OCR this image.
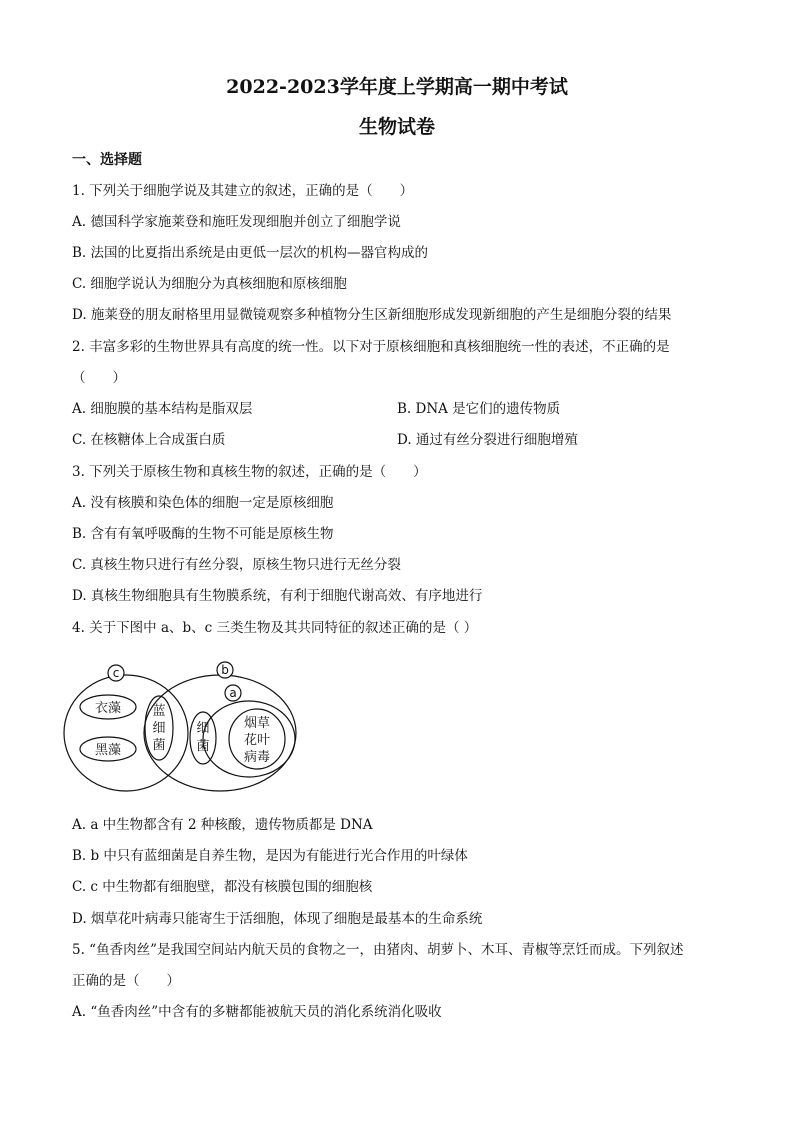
2022-2023学年度上学期高一期中考试
生物试卷
一、选择题
1. 下列关于细胞学说及其建立的叙述，正确的是（　　）
A. 德国科学家施莱登和施旺发现细胞并创立了细胞学说
B. 法国的比夏指出系统是由更低一层次的机构—器官构成的
C. 细胞学说认为细胞分为真核细胞和原核细胞
D. 施莱登的朋友耐格里用显微镜观察多种植物分生区新细胞形成发现新细胞的产生是细胞分裂的结果
2. 丰富多彩的生物世界具有高度的统一性。以下对于原核细胞和真核细胞统一性的表述，不正确的是
（　　）
A. 细胞膜的基本结构是脂双层	B. DNA 是它们的遗传物质
C. 在核糖体上合成蛋白质	D. 通过有丝分裂进行细胞增殖
3. 下列关于原核生物和真核生物的叙述，正确的是（　　）
A. 没有核膜和染色体的细胞一定是原核细胞
B. 含有有氧呼吸酶的生物不可能是原核生物
C. 真核生物只进行有丝分裂，原核生物只进行无丝分裂
D. 真核生物细胞具有生物膜系统，有利于细胞代谢高效、有序地进行
4. 关于下图中 a、b、c 三类生物及其共同特征的叙述正确的是（ ）
c	b
a
衣藻
黑藻
蓝
细
菌
细
菌
烟草
花叶
病毒
A. a 中生物都含有 2 种核酸，遗传物质都是 DNA
B. b 中只有蓝细菌是自养生物，是因为有能进行光合作用的叶绿体
C. c 中生物都有细胞壁，都没有核膜包围的细胞核
D. 烟草花叶病毒只能寄生于活细胞，体现了细胞是最基本的生命系统
5. “鱼香肉丝”是我国空间站内航天员的食物之一，由猪肉、胡萝卜、木耳、青椒等烹饪而成。下列叙述
正确的是（　　）
A. “鱼香肉丝”中含有的多糖都能被航天员的消化系统消化吸收
